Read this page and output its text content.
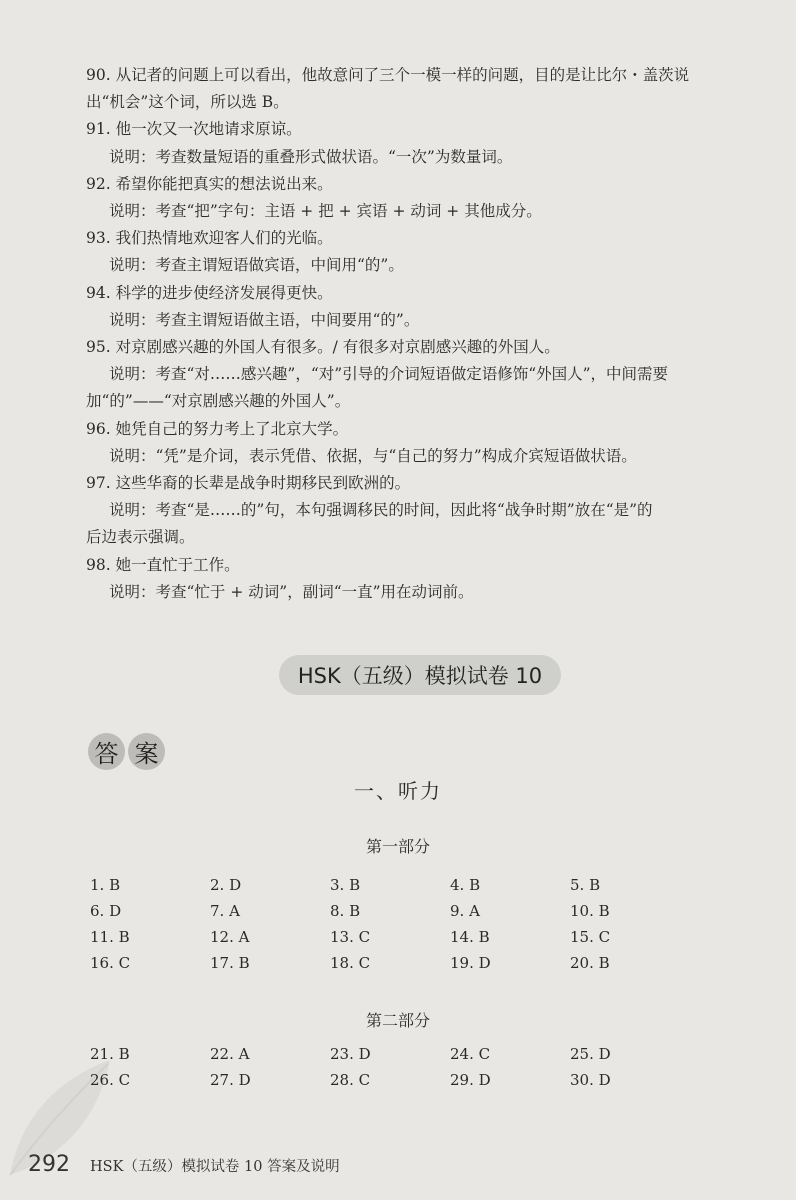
90. 从记者的问题上可以看出，他故意问了三个一模一样的问题，目的是让比尔・盖茨说
出“机会”这个词，所以选 B。
91. 他一次又一次地请求原谅。
说明：考查数量短语的重叠形式做状语。“一次”为数量词。
92. 希望你能把真实的想法说出来。
说明：考查“把”字句：主语 + 把 + 宾语 + 动词 + 其他成分。
93. 我们热情地欢迎客人们的光临。
说明：考查主谓短语做宾语，中间用“的”。
94. 科学的进步使经济发展得更快。
说明：考查主谓短语做主语，中间要用“的”。
95. 对京剧感兴趣的外国人有很多。/ 有很多对京剧感兴趣的外国人。
说明：考查“对……感兴趣”，“对”引导的介词短语做定语修饰“外国人”，中间需要
加“的”——“对京剧感兴趣的外国人”。
96. 她凭自己的努力考上了北京大学。
说明：“凭”是介词，表示凭借、依据，与“自己的努力”构成介宾短语做状语。
97. 这些华裔的长辈是战争时期移民到欧洲的。
说明：考查“是……的”句，本句强调移民的时间，因此将“战争时期”放在“是”的
后边表示强调。
98. 她一直忙于工作。
说明：考查“忙于 + 动词”，副词“一直”用在动词前。
HSK（五级）模拟试卷 10
答 案
一、听力
第一部分
1. B	2. D	3. B	4. B	5. B
6. D	7. A	8. B	9. A	10. B
11. B	12. A	13. C	14. B	15. C
16. C	17. B	18. C	19. D	20. B
第二部分
21. B	22. A	23. D	24. C	25. D
26. C	27. D	28. C	29. D	30. D
292 HSK（五级）模拟试卷 10 答案及说明
